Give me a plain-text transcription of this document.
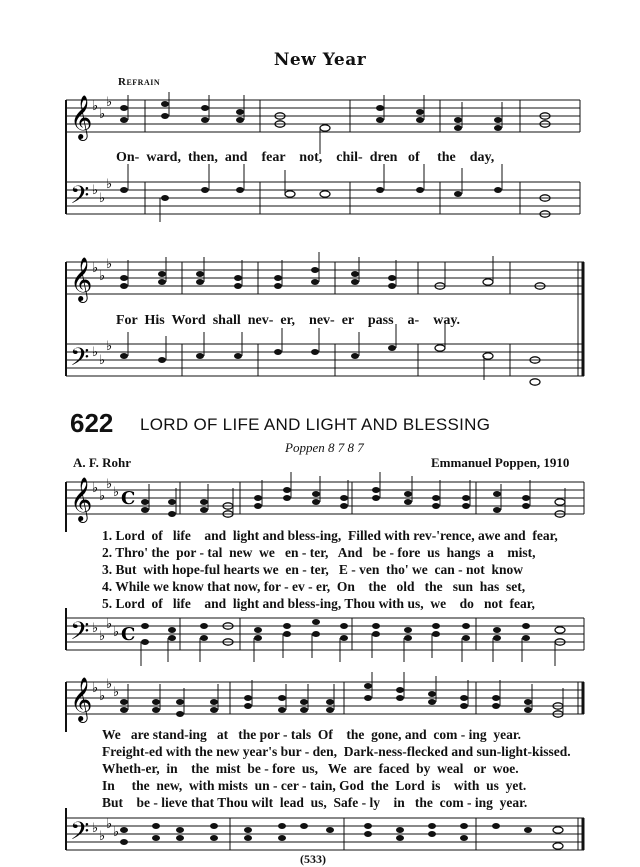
New Year
Refrain
𝄞
𝄢
♭
♭
♭
♭
♭
♭
On-  ward,  then,  and    fear    not,    chil-  dren   of     the    day,
𝄞
𝄢
♭
♭
♭
♭
♭
♭
For  His  Word  shall  nev-  er,    nev-  er    pass    a-    way.
622 LORD OF LIFE AND LIGHT AND BLESSING
Poppen 8 7 8 7
A. F. Rohr	Emmanuel Poppen, 1910
𝄞 ♭
♭
♭
♭ C
1. Lord  of   life    and  light and bless-ing,  Filled with rev-'rence, awe and  fear,
2. Thro' the  por - tal  new  we   en - ter,   And   be - fore  us  hangs  a    mist,
3. But  with hope-ful hearts we  en - ter,   E - ven  tho' we  can - not  know
4. While we know that now, for - ev - er,  On    the   old   the   sun  has  set,
5. Lord  of   life    and  light and bless-ing, Thou with us,  we    do   not  fear,
𝄢 ♭
♭
♭
♭ C
𝄞 ♭
♭
♭
♭
We   are stand-ing   at   the por - tals  Of    the  gone, and  com - ing  year.
Freight-ed with the new year's bur - den,  Dark-ness-flecked and sun-light-kissed.
Wheth-er,  in    the  mist  be - fore  us,   We  are  faced  by  weal   or  woe.
In     the  new,  with mists  un - cer - tain, God  the  Lord  is    with  us  yet.
But    be - lieve that Thou wilt  lead  us,  Safe - ly    in   the  com - ing  year.
𝄢 ♭
♭
♭
♭
(533)
